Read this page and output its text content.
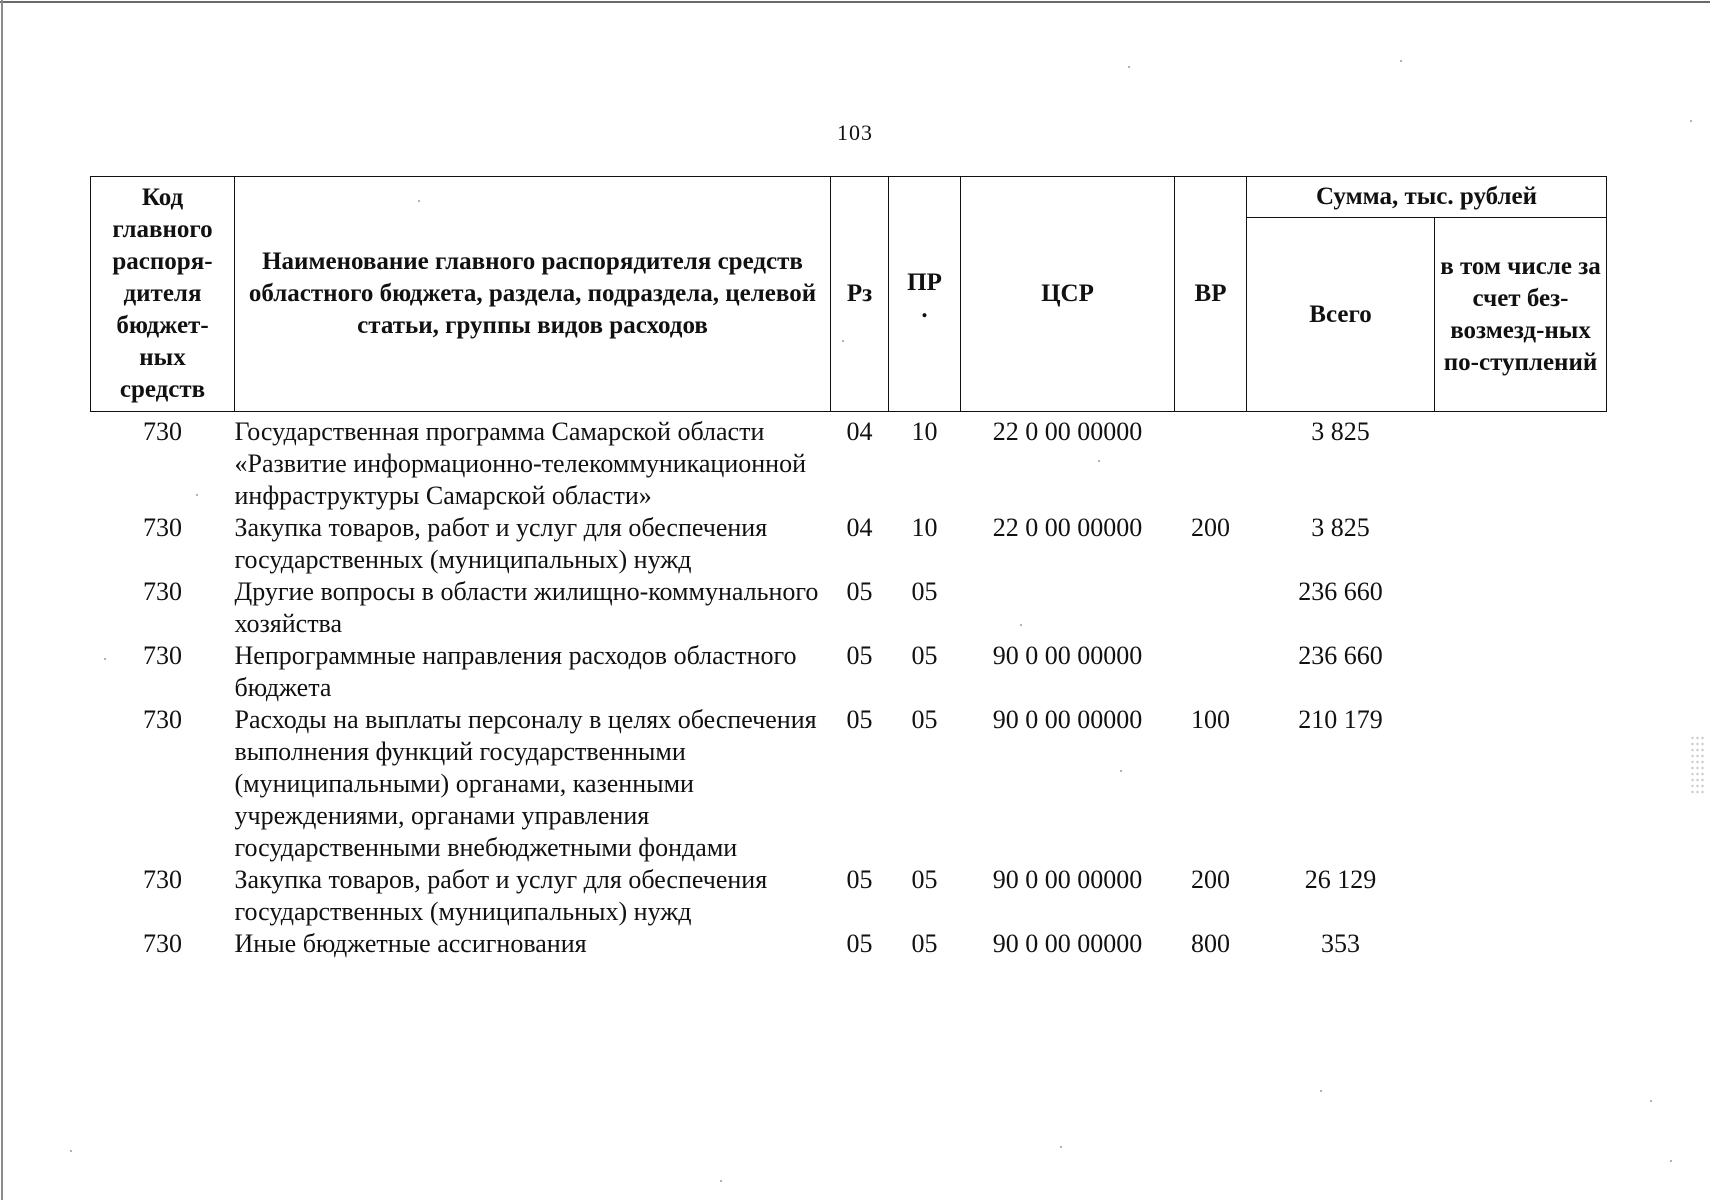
103
Код главного распоря-дителя бюджет-ных средств	Наименование главного распорядителя средств областного бюджета, раздела, подраздела, целевой статьи, группы видов расходов	Рз	ПР
.	ЦСР	ВР	Сумма, тыс. рублей	
						Всего	в том числе за счет без-возмезд-ных по-ступлений
730	Государственная программа Самарской области «Развитие информационно-телекоммуникационной инфраструктуры Самарской области»	04	10	22 0 00 00000		3 825	
730	Закупка товаров, работ и услуг для обеспечения государственных (муниципальных) нужд	04	10	22 0 00 00000	200	3 825	
730	Другие вопросы в области жилищно-коммунального хозяйства	05	05			236 660	
730	Непрограммные направления расходов областного бюджета	05	05	90 0 00 00000		236 660	
730	Расходы на выплаты персоналу в целях обеспечения выполнения функций государственными (муниципальными) органами, казенными учреждениями, органами управления государственными внебюджетными фондами	05	05	90 0 00 00000	100	210 179	
730	Закупка товаров, работ и услуг для обеспечения государственных (муниципальных) нужд	05	05	90 0 00 00000	200	26 129	
730	Иные бюджетные ассигнования	05	05	90 0 00 00000	800	353	
